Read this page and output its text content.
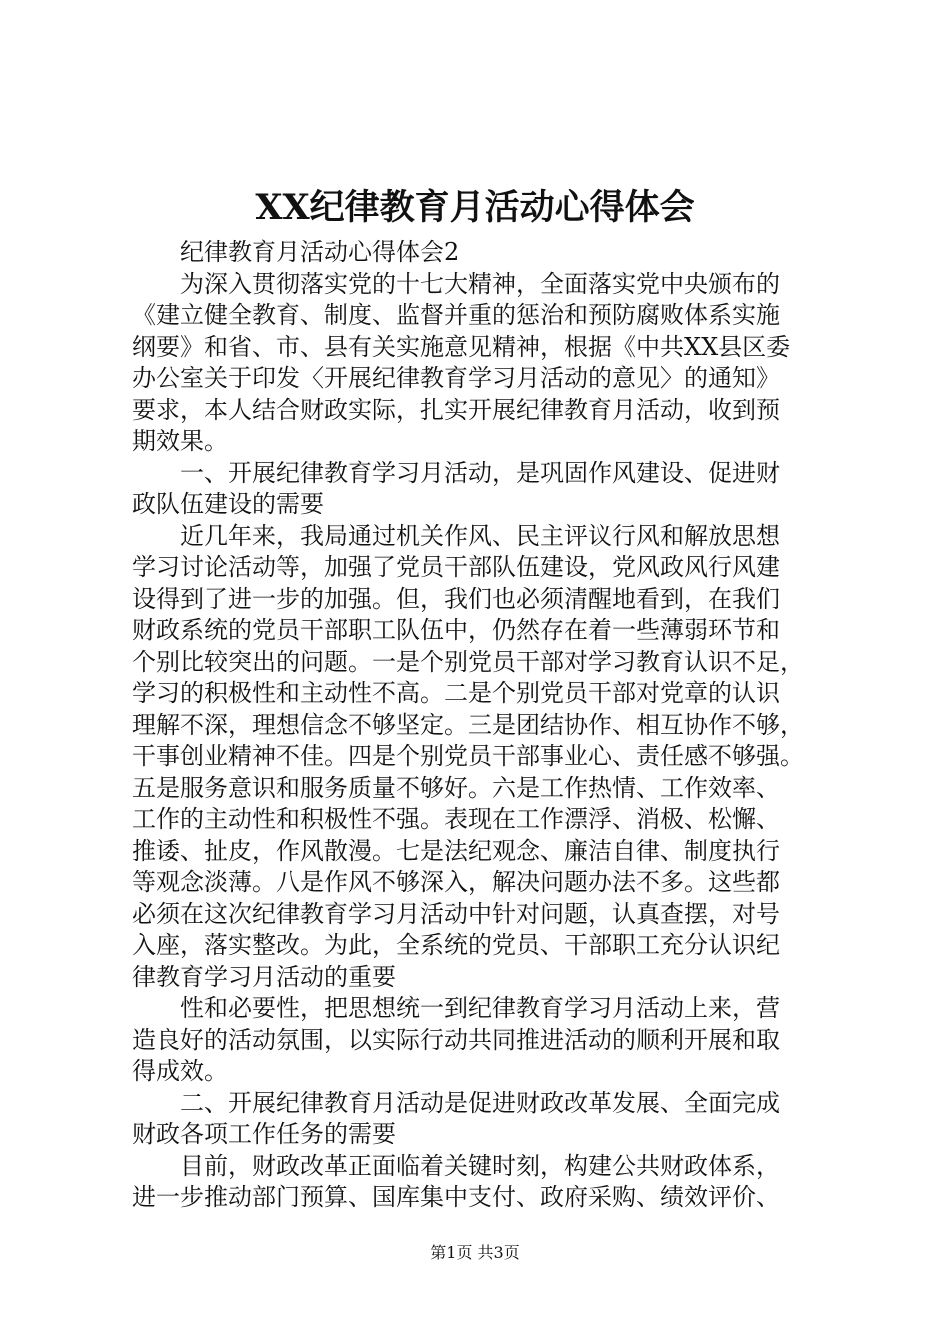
XX纪律教育月活动心得体会
纪律教育月活动心得体会2
为深入贯彻落实党的十七大精神，全面落实党中央颁布的
《建立健全教育、制度、监督并重的惩治和预防腐败体系实施
纲要》和省、市、县有关实施意见精神，根据《中共XX县区委
办公室关于印发〈开展纪律教育学习月活动的意见〉的通知》
要求，本人结合财政实际，扎实开展纪律教育月活动，收到预
期效果。
一、开展纪律教育学习月活动，是巩固作风建设、促进财
政队伍建设的需要
近几年来，我局通过机关作风、民主评议行风和解放思想
学习讨论活动等，加强了党员干部队伍建设，党风政风行风建
设得到了进一步的加强。但，我们也必须清醒地看到，在我们
财政系统的党员干部职工队伍中，仍然存在着一些薄弱环节和
个别比较突出的问题。一是个别党员干部对学习教育认识不足，
学习的积极性和主动性不高。二是个别党员干部对党章的认识
理解不深，理想信念不够坚定。三是团结协作、相互协作不够，
干事创业精神不佳。四是个别党员干部事业心、责任感不够强。
五是服务意识和服务质量不够好。六是工作热情、工作效率、
工作的主动性和积极性不强。表现在工作漂浮、消极、松懈、
推诿、扯皮，作风散漫。七是法纪观念、廉洁自律、制度执行
等观念淡薄。八是作风不够深入，解决问题办法不多。这些都
必须在这次纪律教育学习月活动中针对问题，认真查摆，对号
入座，落实整改。为此，全系统的党员、干部职工充分认识纪
律教育学习月活动的重要
性和必要性，把思想统一到纪律教育学习月活动上来，营
造良好的活动氛围，以实际行动共同推进活动的顺利开展和取
得成效。
二、开展纪律教育月活动是促进财政改革发展、全面完成
财政各项工作任务的需要
目前，财政改革正面临着关键时刻，构建公共财政体系，
进一步推动部门预算、国库集中支付、政府采购、绩效评价、
第1页 共3页
